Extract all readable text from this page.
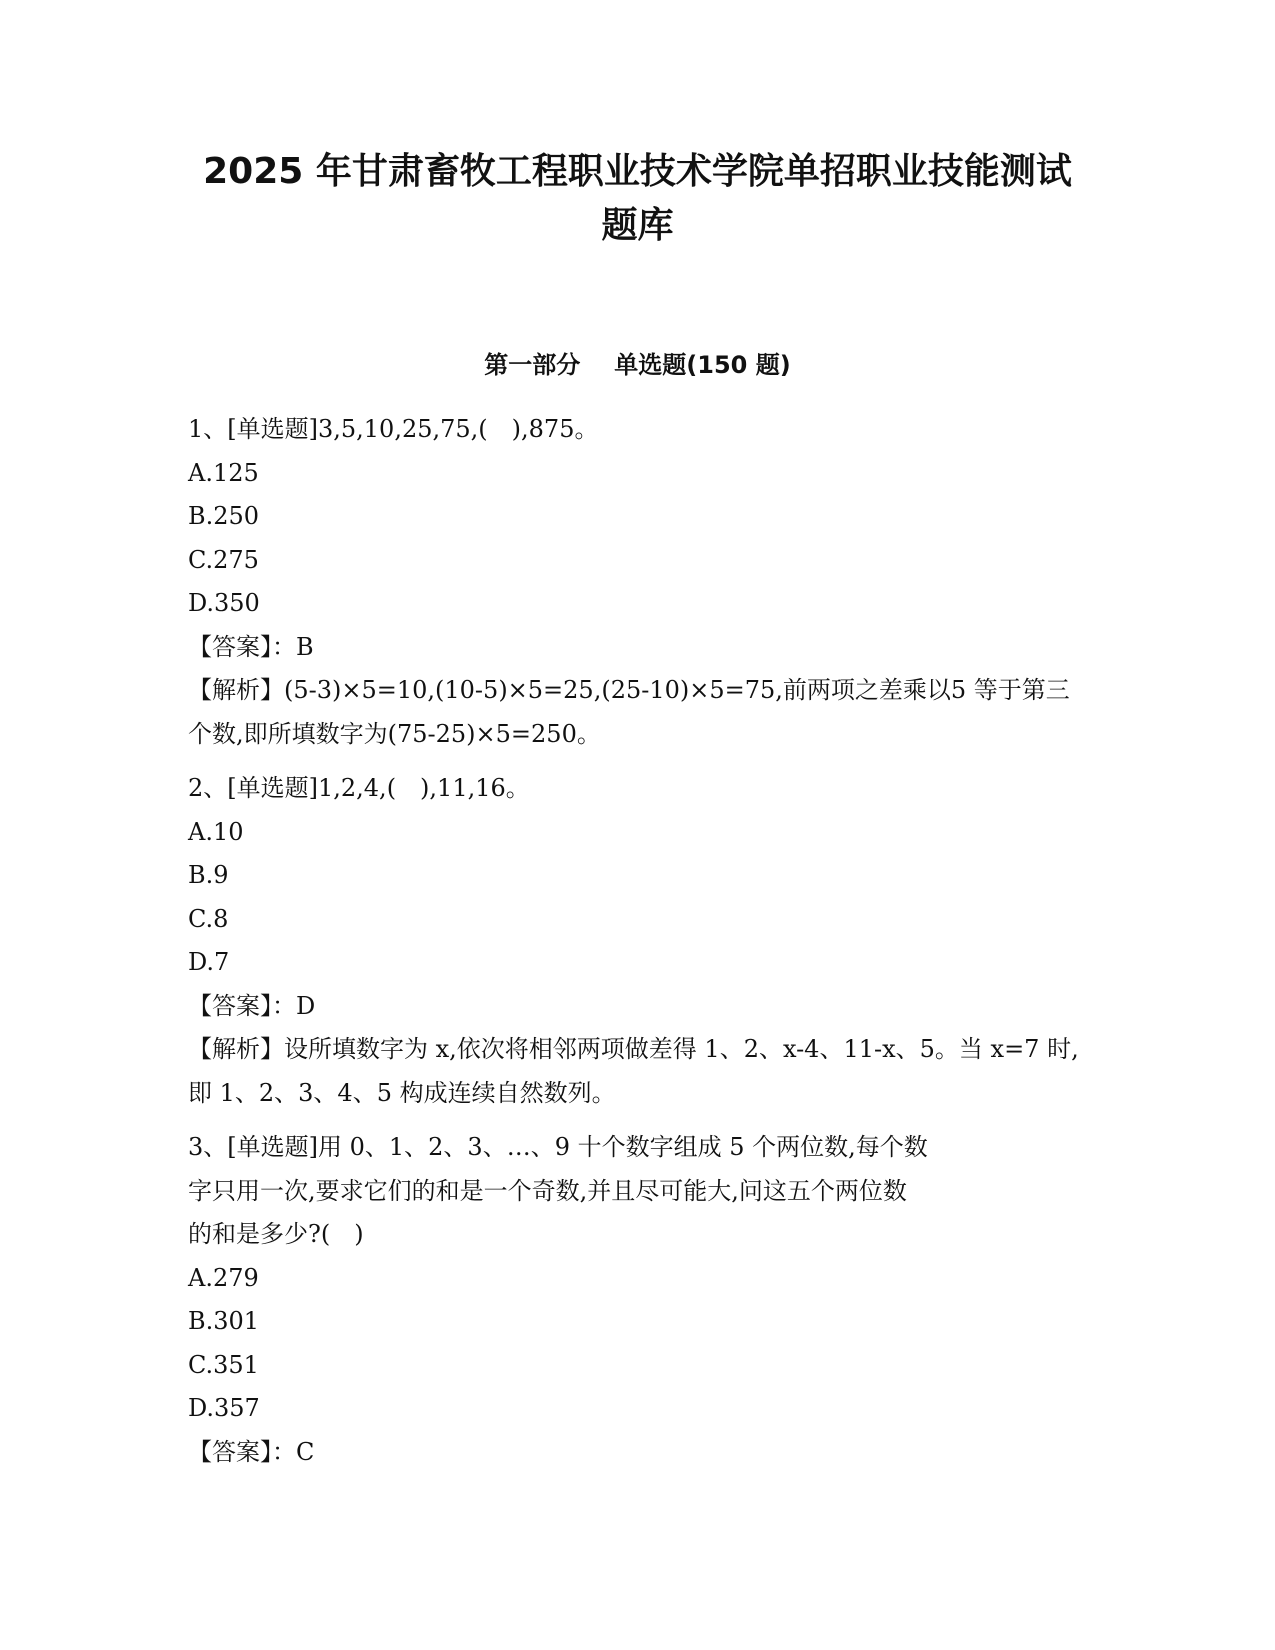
2025 年甘肃畜牧工程职业技术学院单招职业技能测试
题库
第一部分 单选题(150 题)
1、[单选题]3,5,10,25,75,(　),875。
A.125
B.250
C.275
D.350
【答案】：B

【解析】(5-3)×5=10,(10-5)×5=25,(25-10)×5=75,前两项之差乘以5 等于第三个数,即所填数字为(75-25)×5=250。

2、[单选题]1,2,4,(　),11,16。
A.10
B.9
C.8
D.7
【答案】：D

【解析】设所填数字为 x,依次将相邻两项做差得 1、2、x-4、11-x、5。当 x=7 时,即 1、2、3、4、5 构成连续自然数列。

3、[单选题]用 0、1、2、3、…、9 十个数字组成 5 个两位数,每个数
字只用一次,要求它们的和是一个奇数,并且尽可能大,问这五个两位数
的和是多少?(　)
A.279
B.301
C.351
D.357
【答案】：C
